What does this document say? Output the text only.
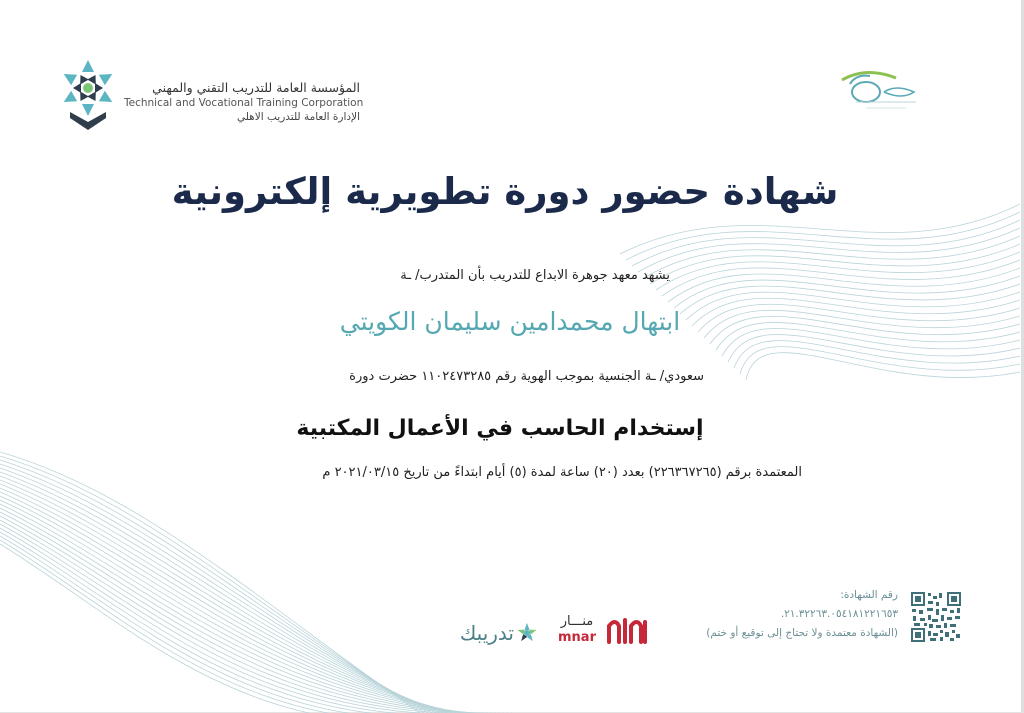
المؤسسة العامة للتدريب التقني والمهني
Technical and Vocational Training Corporation
الإدارة العامة للتدريب الاهلي
شهادة حضور دورة تطويرية إلكترونية
يشهد معهد جوهرة الابداع للتدريب بأن المتدرب/ ـة
ابتهال محمدامين سليمان الكويتي
سعودي/ ـة الجنسية بموجب الهوية رقم ١١٠٢٤٧٣٢٨٥ حضرت دورة
إستخدام الحاسب في الأعمال المكتبية
المعتمدة برقم (٢٢٦٣٦٧٢٦٥) بعدد (٢٠) ساعة لمدة (٥) أيام ابتداءً من تاريخ ٢٠٢١/٠٣/١٥ م
رقم الشهادة:
٢١.٣٢٢٦٣.٠٥٤١٨١٢٢١٦٥٣.
(الشهادة معتمدة ولا تحتاج إلى توقيع أو ختم)
منـــار
mnar
تدريبك
